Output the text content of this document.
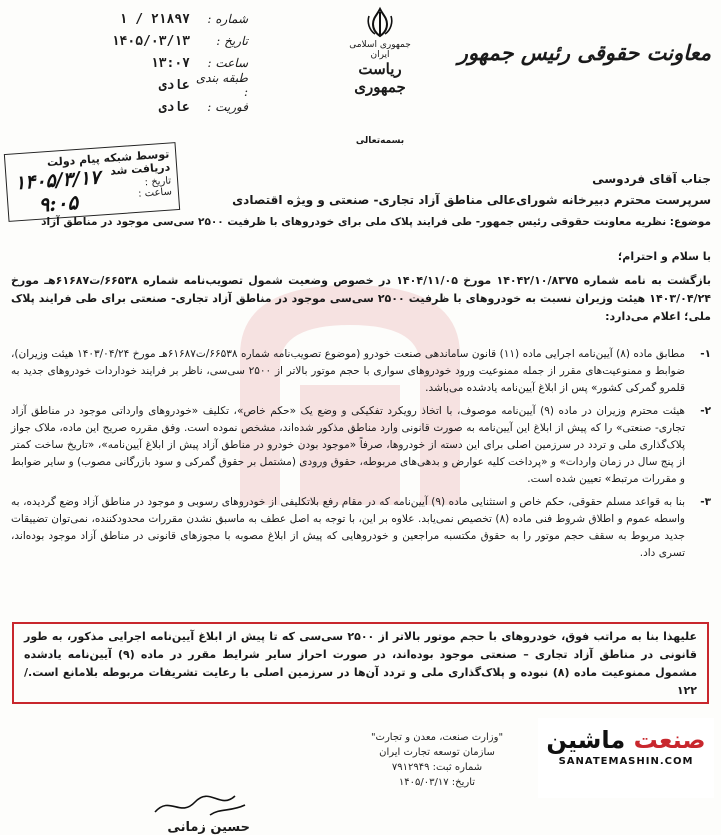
شماره :
۲۱۸۹۷ / ۱
تاریخ :
۱۴۰۵/۰۳/۱۳
ساعت :
۱۳:۰۷
طبقه بندی :
عادی
فوریت :
عادی
جمهوری اسلامی ایران
ریاست جمهوری
معاونت حقوقی رئیس جمهور
بسمه‌تعالی
توسط شبکه پیام دولت دریافت شد
تاریخ :
ساعت :
۱۴۰۵/۳/۱۷
۹:۰۵
جناب آقای فردوسی
سرپرست محترم دبیرخانه شورای‌عالی مناطق آزاد تجاری- صنعتی و ویژه اقتصادی
موضوع: نظریه معاونت حقوقی رئیس جمهور- طی فرایند پلاک ملی برای خودروهای با ظرفیت ۲۵۰۰ سی‌سی موجود در مناطق آزاد
با سلام و احترام؛
بازگشت به نامه شماره ۱۴۰۴۲/۱۰/۸۳۷۵ مورخ ۱۴۰۴/۱۱/۰۵ در خصوص وضعیت شمول تصویب‌نامه شماره ۶۶۵۳۸/ت۶۱۶۸۷هـ مورخ ۱۴۰۳/۰۴/۲۴ هیئت وزیران نسبت به خودروهای با ظرفیت ۲۵۰۰ سی‌سی موجود در مناطق آزاد تجاری- صنعتی برای طی فرایند پلاک ملی؛ اعلام می‌دارد:
۱-
مطابق ماده (۸) آیین‌نامه اجرایی ماده (۱۱) قانون ساماندهی صنعت خودرو (موضوع تصویب‌نامه شماره ۶۶۵۳۸/ت۶۱۶۸۷هـ مورخ ۱۴۰۳/۰۴/۲۴ هیئت وزیران)، ضوابط و ممنوعیت‌های مقرر از جمله ممنوعیت ورود خودروهای سواری با حجم موتور بالاتر از ۲۵۰۰ سی‌سی، ناظر بر فرایند خوداردات خودروهای جدید به قلمرو گمرکی کشور» پس از ابلاغ آیین‌نامه یادشده می‌باشد.
۲-
هیئت محترم وزیران در ماده (۹) آیین‌نامه موصوف، با اتخاذ رویکرد تفکیکی و وضع یک «حکم خاص»، تکلیف «خودروهای وارداتی موجود در مناطق آزاد تجاری- صنعتی» را که پیش از ابلاغ این آیین‌نامه به صورت قانونی وارد مناطق مذکور شده‌اند، مشخص نموده است. وفق مقرره صریح این ماده، ملاک جواز پلاک‌گذاری ملی و تردد در سرزمین اصلی برای این دسته از خودروها، صرفاً «موجود بودن خودرو در مناطق آزاد پیش از ابلاغ آیین‌نامه»، «تاریخ ساخت کمتر از پنج سال در زمان واردات» و «پرداخت کلیه عوارض و بدهی‌های مربوطه، حقوق ورودی (مشتمل بر حقوق گمرکی و سود بازرگانی مصوب) و سایر ضوابط و مقررات مرتبط» تعیین شده است.
۳-
بنا به قواعد مسلم حقوقی، حکم خاص و استثنایی ماده (۹) آیین‌نامه که در مقام رفع بلاتکلیفی از خودروهای رسوبی و موجود در مناطق آزاد وضع گردیده، به واسطه عموم و اطلاق شروط فنی ماده (۸) تخصیص نمی‌یابد. علاوه بر این، با توجه به اصل عطف به ماسبق نشدن مقررات محدودکننده، نمی‌توان تضییقات جدید مربوط به سقف حجم موتور را به حقوق مکتسبه مراجعین و خودروهایی که پیش از ابلاغ مصوبه با مجوزهای قانونی در مناطق آزاد موجود بوده‌اند، تسری داد.
علیهذا بنا به مراتب فوق، خودروهای با حجم موتور بالاتر از ۲۵۰۰ سی‌سی که تا پیش از ابلاغ آیین‌نامه اجرایی مذکور، به طور قانونی در مناطق آزاد تجاری – صنعتی موجود بوده‌اند، در صورت احراز سایر شرایط مقرر در ماده (۹) آیین‌نامه یادشده مشمول ممنوعیت ماده (۸) نبوده و پلاک‌گذاری ملی و تردد آن‌ها در سرزمین اصلی با رعایت تشریفات مربوطه بلامانع است./۱۲۲
"وزارت صنعت، معدن و تجارت"
سازمان توسعه تجارت ایران
شماره ثبت: ۷۹۱۲۹۴۹
تاریخ: ۱۴۰۵/۰۳/۱۷
صنعت ماشین
SANATEMASHIN.COM
حسین زمانی
